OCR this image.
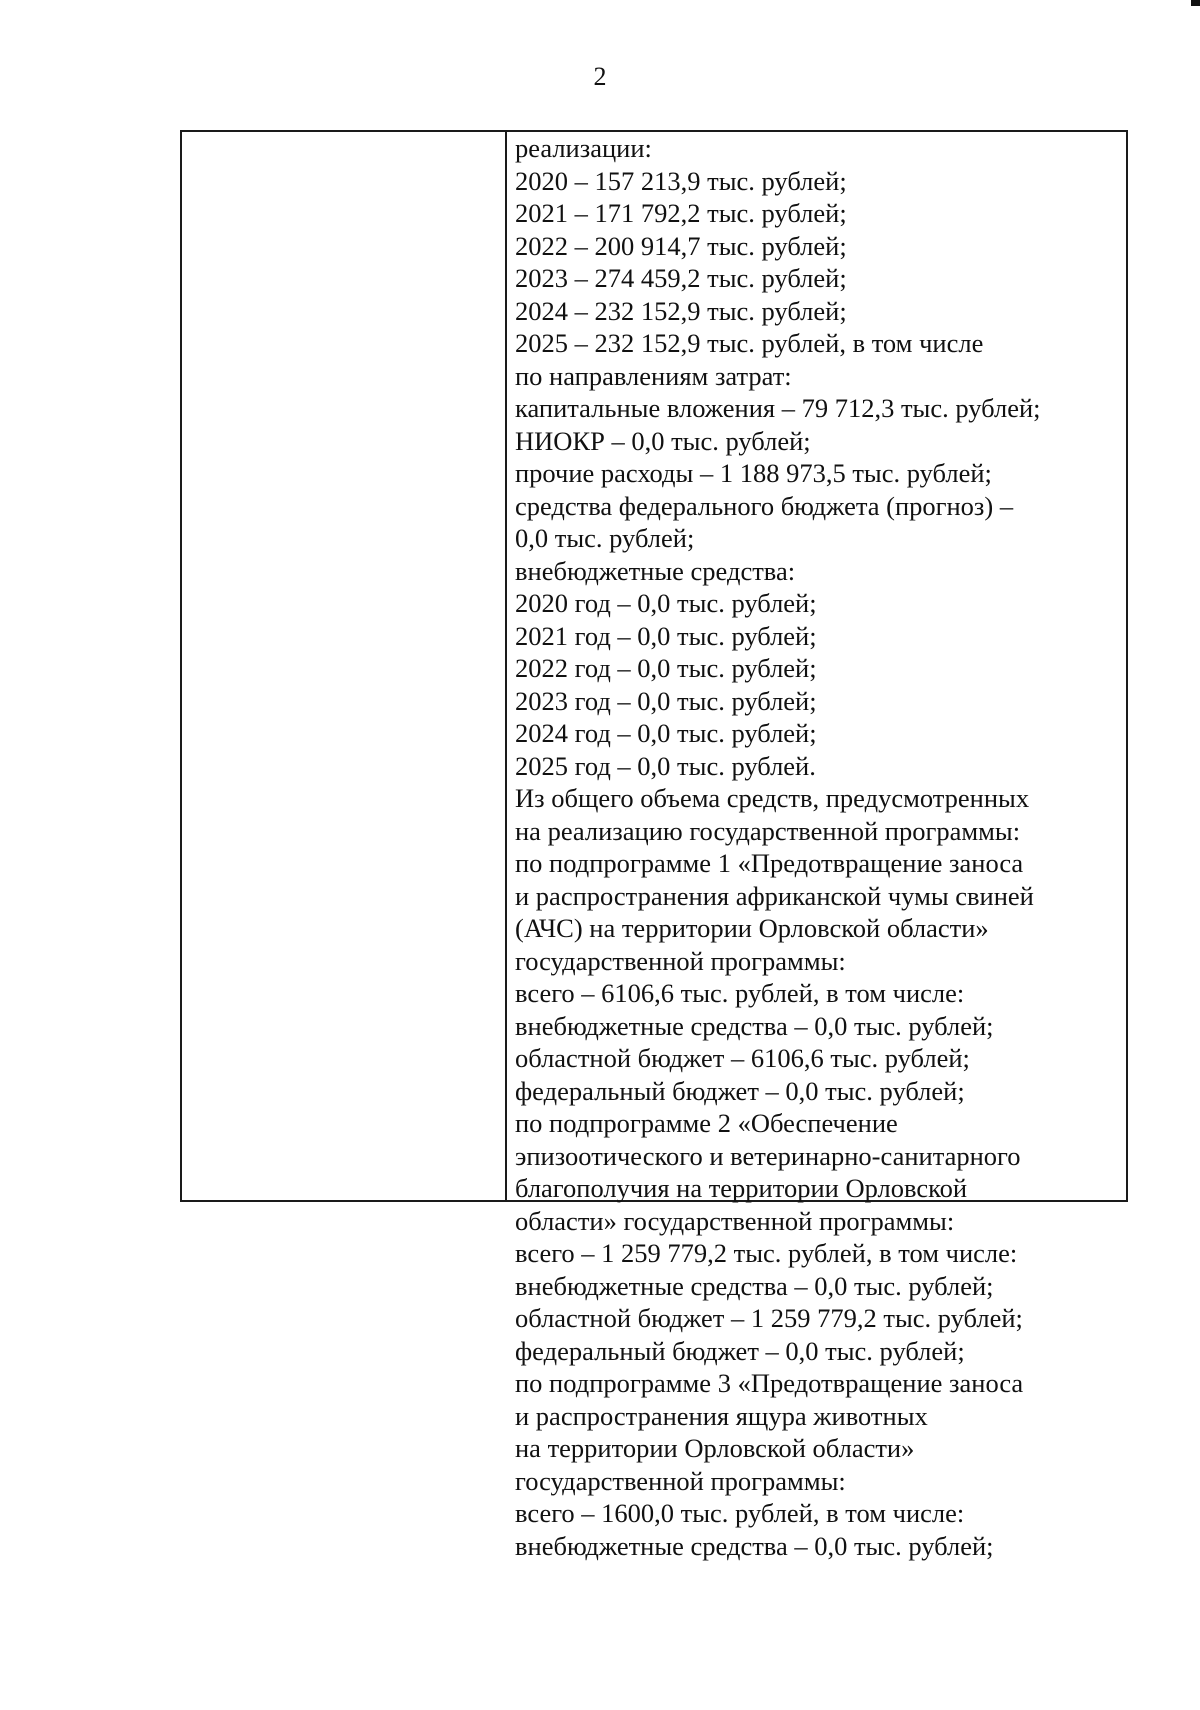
2
реализации:
2020 – 157 213,9 тыс. рублей;
2021 – 171 792,2 тыс. рублей;
2022 – 200 914,7 тыс. рублей;
2023 – 274 459,2 тыс. рублей;
2024 – 232 152,9 тыс. рублей;
2025 – 232 152,9 тыс. рублей, в том числе
по направлениям затрат:
капитальные вложения – 79 712,3 тыс. рублей;
НИОКР – 0,0 тыс. рублей;
прочие расходы – 1 188 973,5 тыс. рублей;
средства федерального бюджета (прогноз) –
0,0 тыс. рублей;
внебюджетные средства:
2020 год – 0,0 тыс. рублей;
2021 год – 0,0 тыс. рублей;
2022 год – 0,0 тыс. рублей;
2023 год – 0,0 тыс. рублей;
2024 год – 0,0 тыс. рублей;
2025 год – 0,0 тыс. рублей.
Из общего объема средств, предусмотренных
на реализацию государственной программы:
по подпрограмме 1 «Предотвращение заноса
и распространения африканской чумы свиней
(АЧС) на территории Орловской области»
государственной программы:
всего – 6106,6 тыс. рублей, в том числе:
внебюджетные средства – 0,0 тыс. рублей;
областной бюджет – 6106,6 тыс. рублей;
федеральный бюджет – 0,0 тыс. рублей;
по подпрограмме 2 «Обеспечение
эпизоотического и ветеринарно-санитарного
благополучия на территории Орловской
области» государственной программы:
всего – 1 259 779,2 тыс. рублей, в том числе:
внебюджетные средства – 0,0 тыс. рублей;
областной бюджет – 1 259 779,2 тыс. рублей;
федеральный бюджет – 0,0 тыс. рублей;
по подпрограмме 3 «Предотвращение заноса
и распространения ящура животных
на территории Орловской области»
государственной программы:
всего – 1600,0 тыс. рублей, в том числе:
внебюджетные средства – 0,0 тыс. рублей;
